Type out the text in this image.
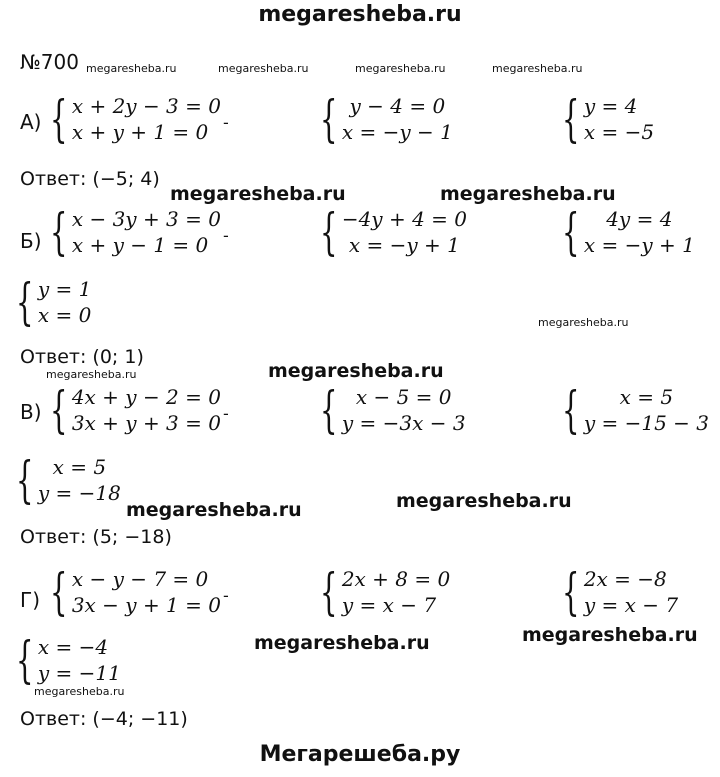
megaresheba.ru
№700 megaresheba.ru	megaresheba.ru	megaresheba.ru	megaresheba.ru
А) { x + 2y − 3 = 0
x + y + 1 = 0 - { y − 4 = 0
x = −y − 1 { y = 4
x = −5
Ответ: (−5; 4)
megaresheba.ru	megaresheba.ru
Б) { x − 3y + 3 = 0
x + y − 1 = 0 - { −4y + 4 = 0
x = −y + 1 { 4y = 4
x = −y + 1
{ y = 1
x = 0	megaresheba.ru
Ответ: (0; 1)
megaresheba.ru
megaresheba.ru
В) { 4x + y − 2 = 0
3x + y + 3 = 0 - { x − 5 = 0
y = −3x − 3 { x = 5
y = −15 − 3
{ x = 5
y = −18	megaresheba.ru
megaresheba.ru
Ответ: (5; −18)
Г) { x − y − 7 = 0
3x − y + 1 = 0 - { 2x + 8 = 0
y = x − 7	{ 2x = −8
y = x − 7
megaresheba.ru
megaresheba.ru
{ x = −4
y = −11
megaresheba.ru
Ответ: (−4; −11)
Мегарешеба.ру
